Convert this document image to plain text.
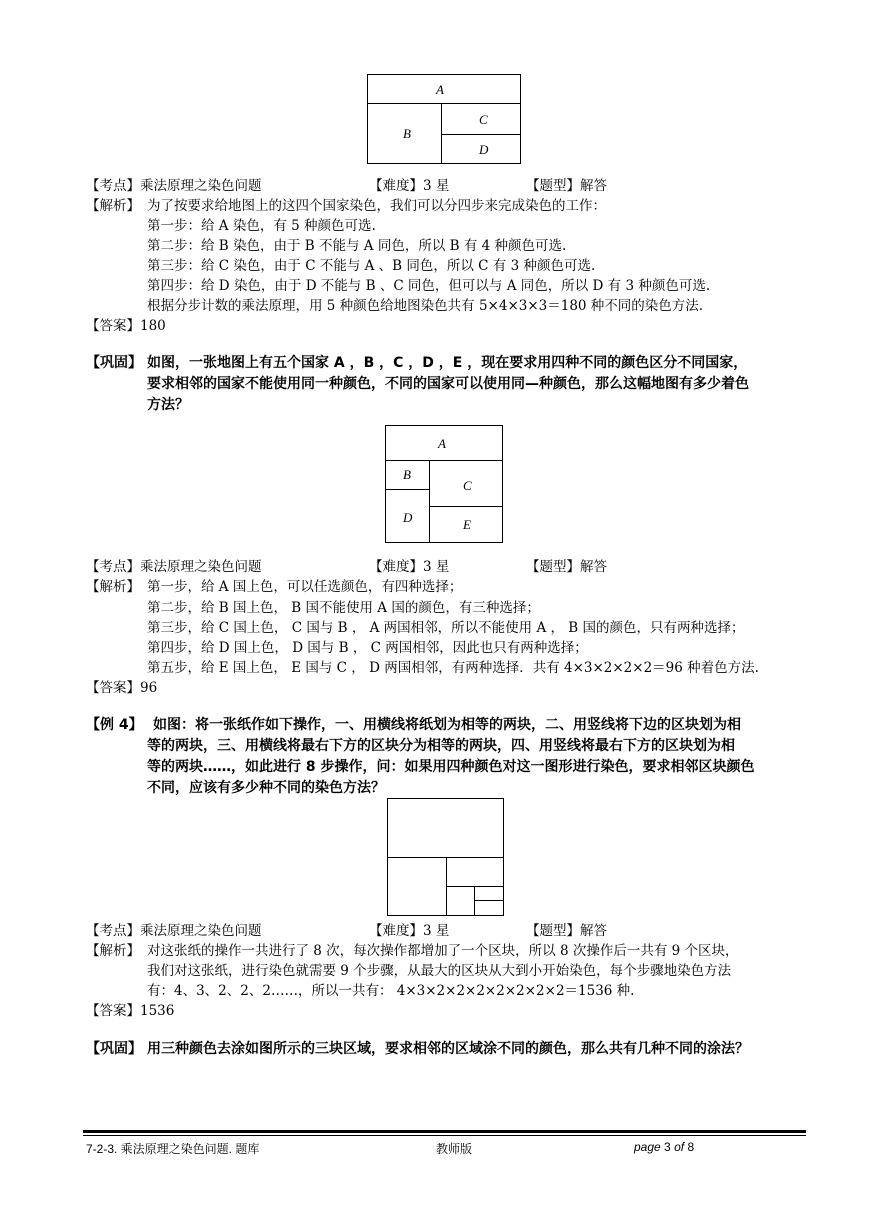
A
B
C
D
【考点】乘法原理之染色问题	【难度】3 星	【题型】解答
【解析】 为了按要求给地图上的这四个国家染色，我们可以分四步来完成染色的工作：
第一步：给 A 染色，有 5 种颜色可选.
第二步：给 B 染色，由于 B 不能与 A 同色，所以 B 有 4 种颜色可选.
第三步：给 C 染色，由于 C 不能与 A 、B 同色，所以 C 有 3 种颜色可选.
第四步：给 D 染色，由于 D 不能与 B 、C 同色，但可以与 A 同色，所以 D 有 3 种颜色可选.
根据分步计数的乘法原理，用 5 种颜色给地图染色共有 5×4×3×3＝180 种不同的染色方法.
【答案】180
【巩固】 如图，一张地图上有五个国家 A ，B ，C ，D ，E ，现在要求用四种不同的颜色区分不同国家，
要求相邻的国家不能使用同一种颜色，不同的国家可以使用同—种颜色，那么这幅地图有多少着色
方法？
A
B
C
D	E
【考点】乘法原理之染色问题	【难度】3 星	【题型】解答
【解析】 第一步，给 A 国上色，可以任选颜色，有四种选择；
第二步，给 B 国上色， B 国不能使用 A 国的颜色，有三种选择；
第三步，给 C 国上色， C 国与 B ， A 两国相邻，所以不能使用 A ， B 国的颜色，只有两种选择；
第四步，给 D 国上色， D 国与 B ， C 两国相邻，因此也只有两种选择；
第五步，给 E 国上色， E 国与 C ， D 两国相邻，有两种选择．共有 4×3×2×2×2＝96 种着色方法.
【答案】96
【例 4】 如图：将一张纸作如下操作，一、用横线将纸划为相等的两块，二、用竖线将下边的区块划为相
等的两块，三、用横线将最右下方的区块分为相等的两块，四、用竖线将最右下方的区块划为相
等的两块……，如此进行 8 步操作，问：如果用四种颜色对这一图形进行染色，要求相邻区块颜色
不同，应该有多少种不同的染色方法？
【考点】乘法原理之染色问题	【难度】3 星	【题型】解答
【解析】 对这张纸的操作一共进行了 8 次，每次操作都增加了一个区块，所以 8 次操作后一共有 9 个区块，
我们对这张纸，进行染色就需要 9 个步骤，从最大的区块从大到小开始染色，每个步骤地染色方法
有：4、3、2、2、2……，所以一共有： 4×3×2×2×2×2×2×2×2＝1536 种.
【答案】1536
【巩固】 用三种颜色去涂如图所示的三块区域，要求相邻的区域涂不同的颜色，那么共有几种不同的涂法？
7-2-3. 乘法原理之染色问题. 题库	教师版	page 3 of 8
